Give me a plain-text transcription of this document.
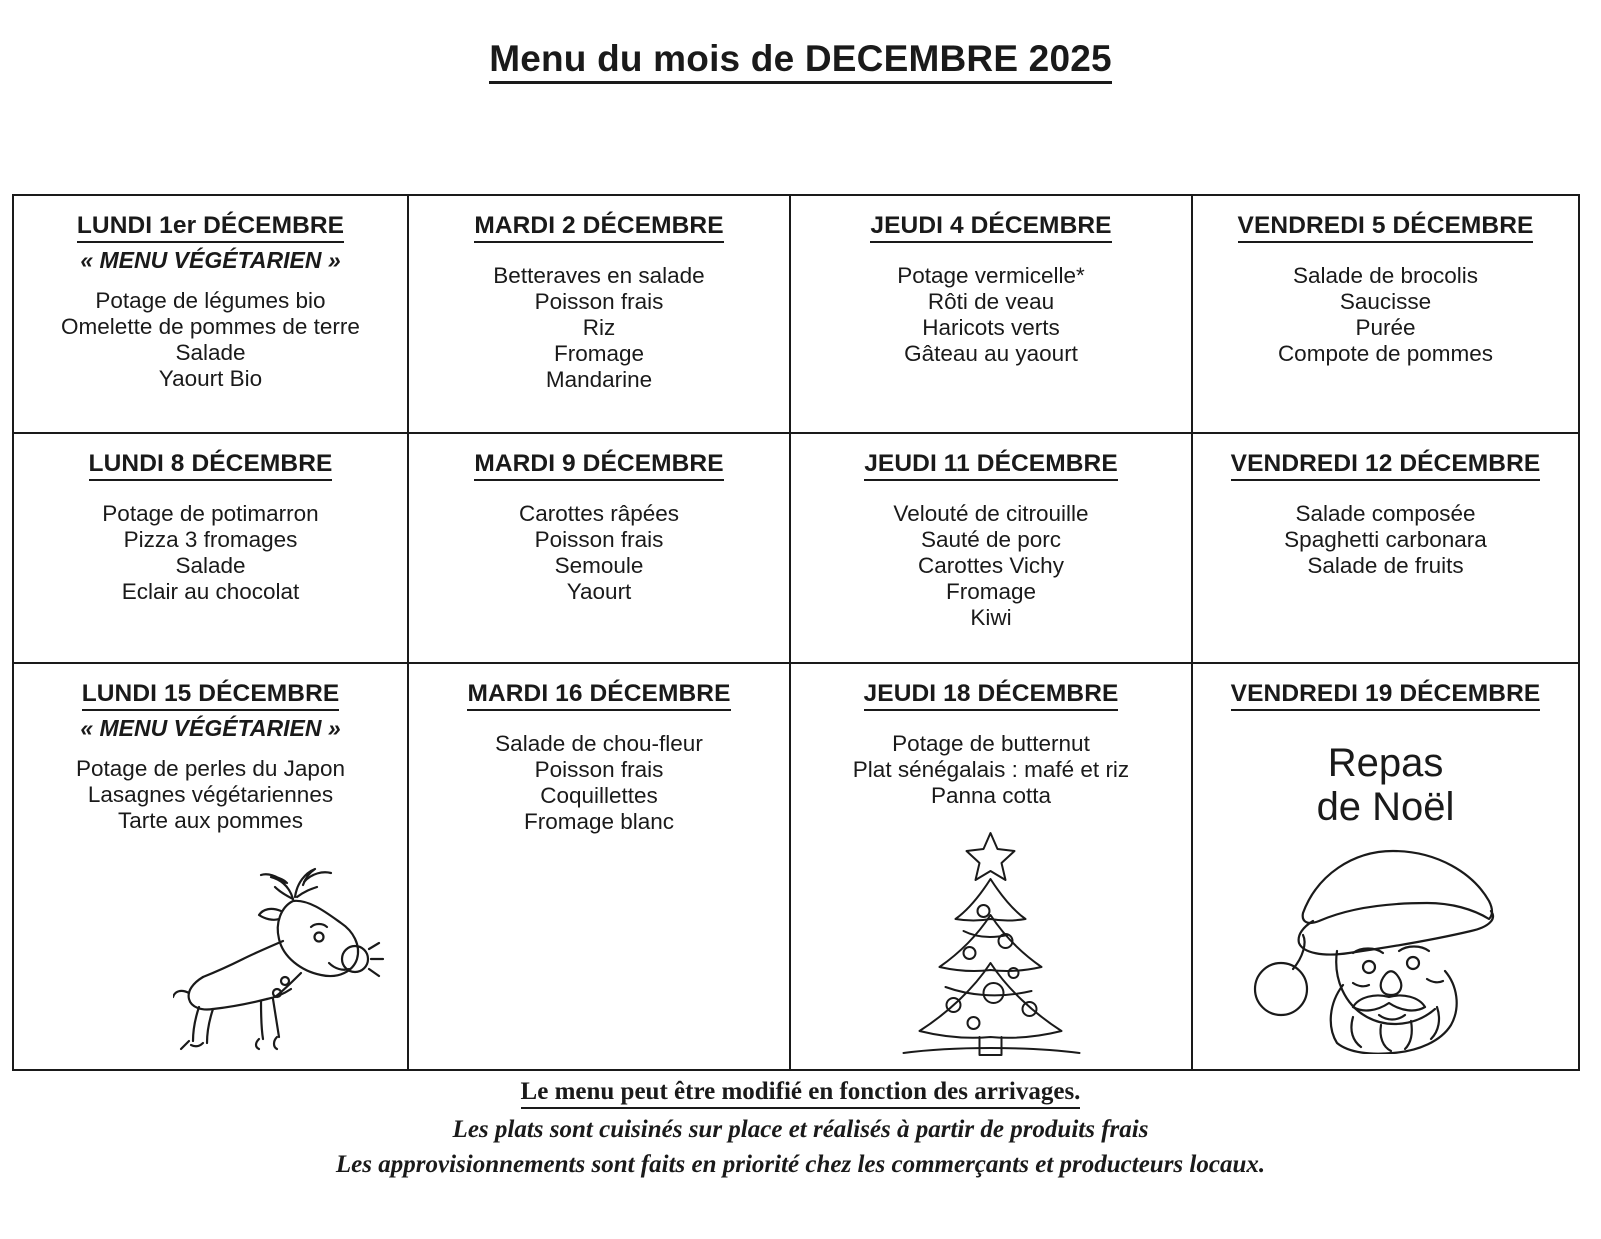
Menu du mois de DECEMBRE 2025
LUNDI 1er DÉCEMBRE
« MENU VÉGÉTARIEN »
Potage de légumes bio
Omelette de pommes de terre
Salade
Yaourt Bio

MARDI 2 DÉCEMBRE
Betteraves en salade
Poisson frais
Riz
Fromage
Mandarine

JEUDI 4 DÉCEMBRE
Potage vermicelle*
Rôti de veau
Haricots verts
Gâteau au yaourt

VENDREDI 5 DÉCEMBRE
Salade de brocolis
Saucisse
Purée
Compote de pommes

LUNDI 8 DÉCEMBRE
Potage de potimarron
Pizza 3 fromages
Salade
Eclair au chocolat

MARDI 9 DÉCEMBRE
Carottes râpées
Poisson frais
Semoule
Yaourt

JEUDI 11 DÉCEMBRE
Velouté de citrouille
Sauté de porc
Carottes Vichy
Fromage
Kiwi

VENDREDI 12 DÉCEMBRE
Salade composée
Spaghetti carbonara
Salade de fruits

LUNDI 15 DÉCEMBRE
« MENU VÉGÉTARIEN »
Potage de perles du Japon
Lasagnes végétariennes
Tarte aux pommes

MARDI 16 DÉCEMBRE
Salade de chou-fleur
Poisson frais
Coquillettes
Fromage blanc

JEUDI 18 DÉCEMBRE
Potage de butternut
Plat sénégalais : mafé et riz
Panna cotta

VENDREDI 19 DÉCEMBRE
Repas
de Noël
Le menu peut être modifié en fonction des arrivages.
Les plats sont cuisinés sur place et réalisés à partir de produits frais
Les approvisionnements sont faits en priorité chez les commerçants et producteurs locaux.
